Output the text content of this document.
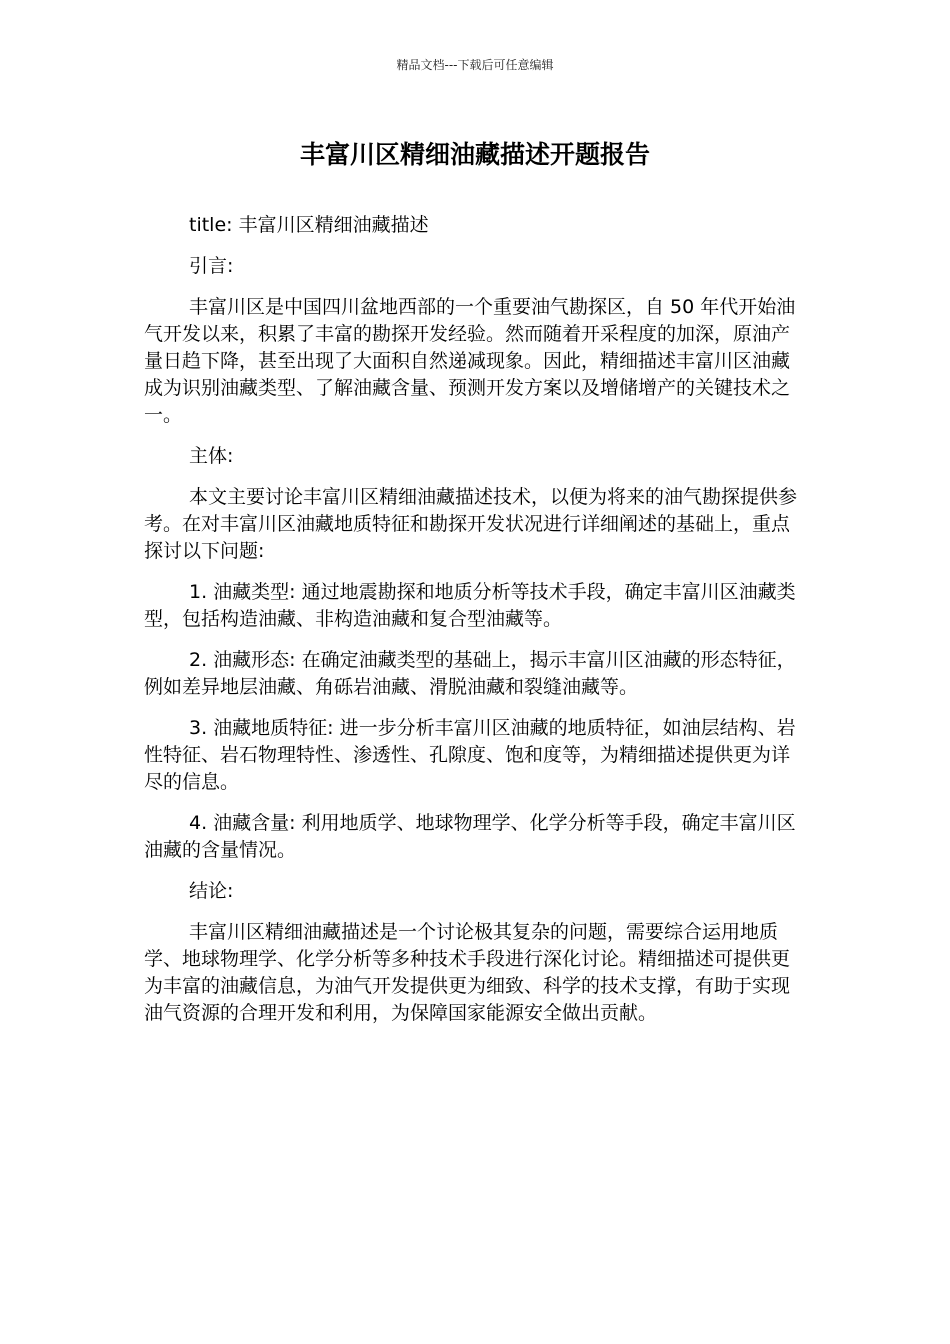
精品文档---下载后可任意编辑
丰富川区精细油藏描述开题报告

title: 丰富川区精细油藏描述

引言:

丰富川区是中国四川盆地西部的一个重要油气勘探区，自 50 年代开始油气开发以来，积累了丰富的勘探开发经验。然而随着开采程度的加深，原油产量日趋下降，甚至出现了大面积自然递减现象。因此，精细描述丰富川区油藏成为识别油藏类型、了解油藏含量、预测开发方案以及增储增产的关键技术之一。

主体:

本文主要讨论丰富川区精细油藏描述技术，以便为将来的油气勘探提供参考。在对丰富川区油藏地质特征和勘探开发状况进行详细阐述的基础上，重点探讨以下问题:

1. 油藏类型: 通过地震勘探和地质分析等技术手段，确定丰富川区油藏类型，包括构造油藏、非构造油藏和复合型油藏等。

2. 油藏形态: 在确定油藏类型的基础上，揭示丰富川区油藏的形态特征，例如差异地层油藏、角砾岩油藏、滑脱油藏和裂缝油藏等。

3. 油藏地质特征: 进一步分析丰富川区油藏的地质特征，如油层结构、岩性特征、岩石物理特性、渗透性、孔隙度、饱和度等，为精细描述提供更为详尽的信息。

4. 油藏含量: 利用地质学、地球物理学、化学分析等手段，确定丰富川区油藏的含量情况。

结论:

丰富川区精细油藏描述是一个讨论极其复杂的问题，需要综合运用地质学、地球物理学、化学分析等多种技术手段进行深化讨论。精细描述可提供更为丰富的油藏信息，为油气开发提供更为细致、科学的技术支撑，有助于实现油气资源的合理开发和利用，为保障国家能源安全做出贡献。
